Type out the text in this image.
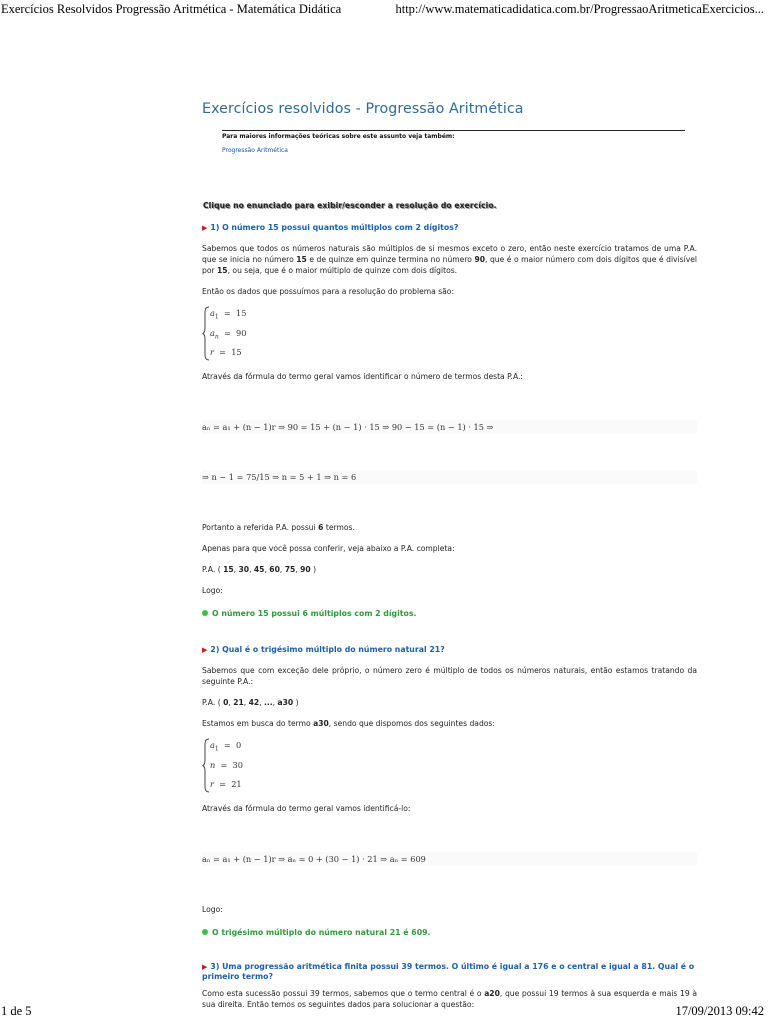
Exercícios Resolvidos Progressão Aritmética - Matemática Didática	http://www.matematicadidatica.com.br/ProgressaoAritmeticaExercicios...
Exercícios resolvidos - Progressão Aritmética
Para maiores informações teóricas sobre este assunto veja também:
Progressão Aritmética
Clique no enunciado para exibir/esconder a resolução do exercício.
▶ 1) O número 15 possui quantos múltiplos com 2 dígitos?

Sabemos que todos os números naturais são múltiplos de si mesmos exceto o zero, então neste exercício tratamos de uma P.A. que se inicia no número 15 e de quinze em quinze termina no número 90, que é o maior número com dois dígitos que é divisível por 15, ou seja, que é o maior múltiplo de quinze com dois dígitos.

Então os dados que possuímos para a resolução do problema são:

$a_1 = 15$
$a_n = 90$
r  =  15

Através da fórmula do termo geral vamos identificar o número de termos desta P.A.:

aₙ = a₁ + (n − 1)r ⇒ 90 = 15 + (n − 1) · 15 ⇒ 90 − 15 = (n − 1) · 15 ⇒

⇒ n − 1 = 75/15 ⇒ n = 5 + 1 ⇒ n = 6

Portanto a referida P.A. possui 6 termos.

Apenas para que você possa conferir, veja abaixo a P.A. completa:

P.A. ( 15, 30, 45, 60, 75, 90 )

Logo:

O número 15 possui 6 múltiplos com 2 dígitos.
▶ 2) Qual é o trigésimo múltiplo do número natural 21?

Sabemos que com exceção dele próprio, o número zero é múltiplo de todos os números naturais, então estamos tratando da seguinte P.A.:

P.A. ( 0, 21, 42, ..., a30 )

Estamos em busca do termo a30, sendo que dispomos dos seguintes dados:

$a_1 = 0$
n  =  30
r  =  21

Através da fórmula do termo geral vamos identificá-lo:

aₙ = a₁ + (n − 1)r ⇒ aₙ = 0 + (30 − 1) · 21 ⇒ aₙ = 609

Logo:

O trigésimo múltiplo do número natural 21 é 609.
▶ 3) Uma progressão aritmética finita possui 39 termos. O último é igual a 176 e o central e igual a 81. Qual é o primeiro termo?

Como esta sucessão possui 39 termos, sabemos que o termo central é o a20, que possui 19 termos à sua esquerda e mais 19 à sua direita. Então temos os seguintes dados para solucionar a questão:

1 de 5	17/09/2013 09:42
